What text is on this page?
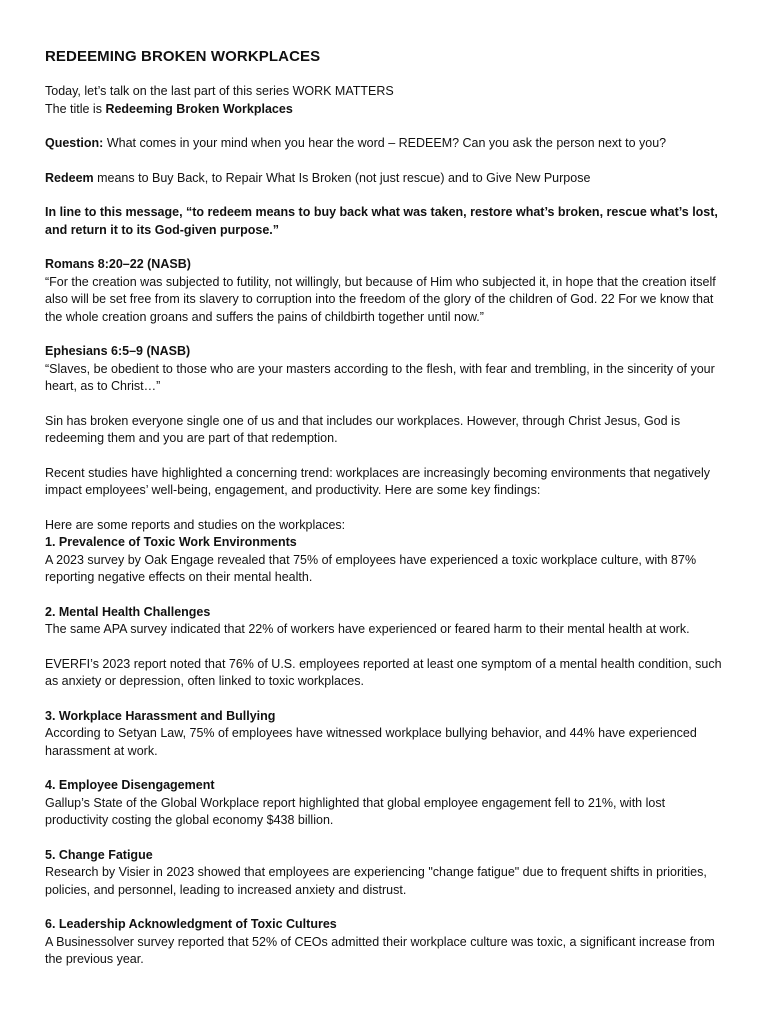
REDEEMING BROKEN WORKPLACES

Today, let’s talk on the last part of this series WORK MATTERS

The title is Redeeming Broken Workplaces

Question: What comes in your mind when you hear the word – REDEEM? Can you ask the person next to you?

Redeem means to Buy Back, to Repair What Is Broken (not just rescue) and to Give New Purpose

In line to this message, “to redeem means to buy back what was taken, restore what’s broken, rescue what’s lost, and return it to its God-given purpose.”

Romans 8:20–22 (NASB)

“For the creation was subjected to futility, not willingly, but because of Him who subjected it, in hope that the creation itself also will be set free from its slavery to corruption into the freedom of the glory of the children of God. 22 For we know that the whole creation groans and suffers the pains of childbirth together until now.”

Ephesians 6:5–9 (NASB)

“Slaves, be obedient to those who are your masters according to the flesh, with fear and trembling, in the sincerity of your heart, as to Christ…”

Sin has broken everyone single one of us and that includes our workplaces. However, through Christ Jesus, God is redeeming them and you are part of that redemption.

Recent studies have highlighted a concerning trend: workplaces are increasingly becoming environments that negatively impact employees’ well-being, engagement, and productivity. Here are some key findings:

Here are some reports and studies on the workplaces:

1. Prevalence of Toxic Work Environments

A 2023 survey by Oak Engage revealed that 75% of employees have experienced a toxic workplace culture, with 87% reporting negative effects on their mental health.

2. Mental Health Challenges

The same APA survey indicated that 22% of workers have experienced or feared harm to their mental health at work.

EVERFI’s 2023 report noted that 76% of U.S. employees reported at least one symptom of a mental health condition, such as anxiety or depression, often linked to toxic workplaces.

3. Workplace Harassment and Bullying

According to Setyan Law, 75% of employees have witnessed workplace bullying behavior, and 44% have experienced harassment at work.

4. Employee Disengagement

Gallup’s State of the Global Workplace report highlighted that global employee engagement fell to 21%, with lost productivity costing the global economy $438 billion.

5. Change Fatigue

Research by Visier in 2023 showed that employees are experiencing "change fatigue" due to frequent shifts in priorities, policies, and personnel, leading to increased anxiety and distrust.

6. Leadership Acknowledgment of Toxic Cultures

A Businessolver survey reported that 52% of CEOs admitted their workplace culture was toxic, a significant increase from the previous year.
